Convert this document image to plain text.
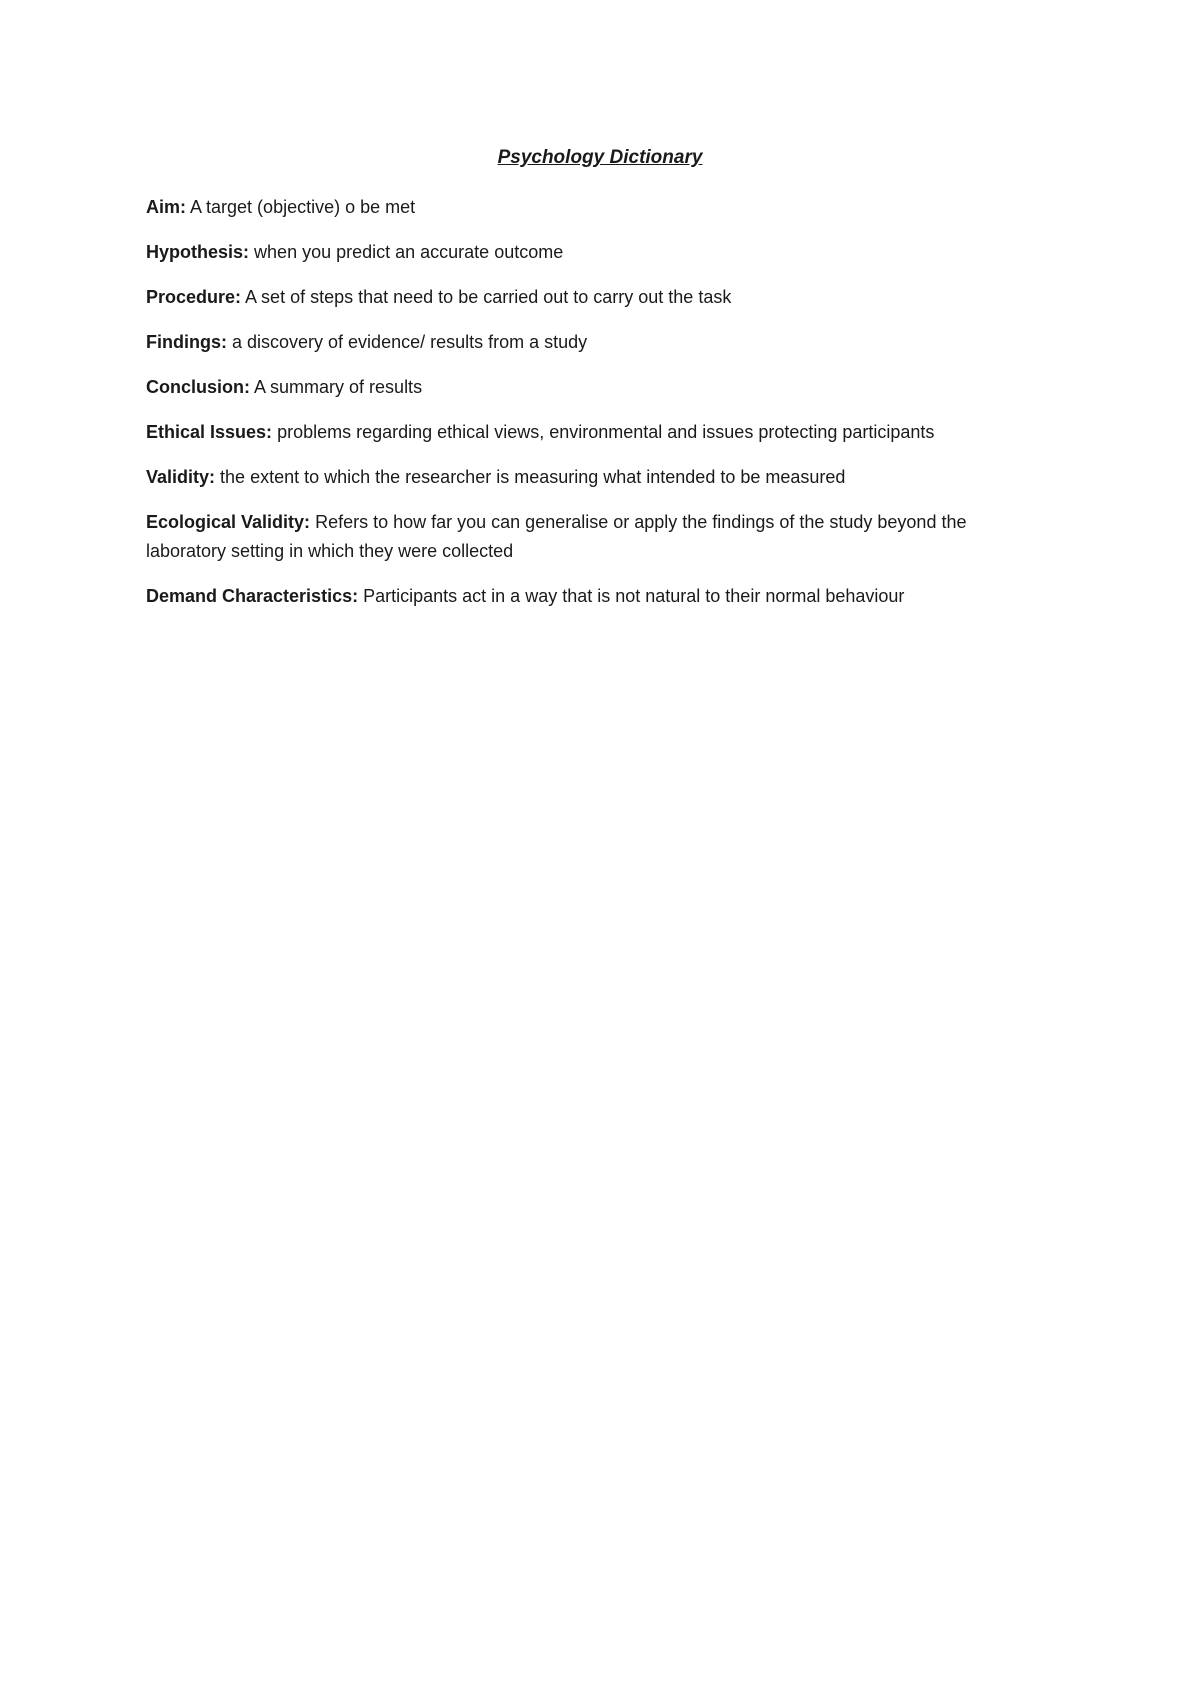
Psychology Dictionary

Aim: A target (objective) o be met

Hypothesis: when you predict an accurate outcome

Procedure: A set of steps that need to be carried out to carry out the task

Findings: a discovery of evidence/ results from a study

Conclusion: A summary of results

Ethical Issues: problems regarding ethical views, environmental and issues protecting participants

Validity: the extent to which the researcher is measuring what intended to be measured

Ecological Validity: Refers to how far you can generalise or apply the findings of the study beyond the laboratory setting in which they were collected

Demand Characteristics: Participants act in a way that is not natural to their normal behaviour
